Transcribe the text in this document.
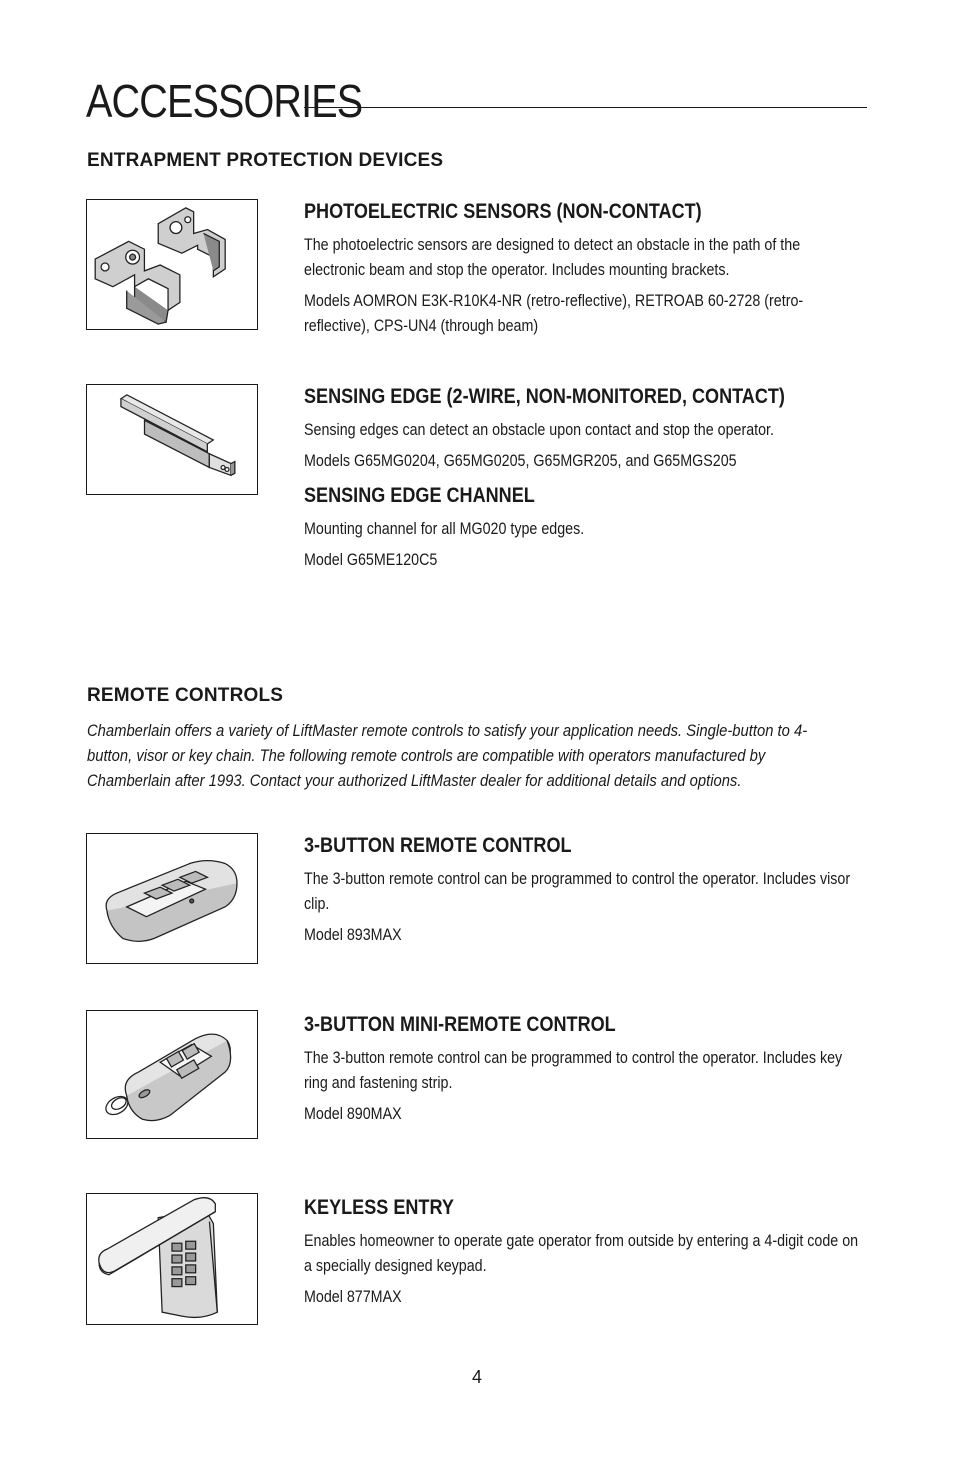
ACCESSORIES
ENTRAPMENT PROTECTION DEVICES
PHOTOELECTRIC SENSORS (NON-CONTACT)

The photoelectric sensors are designed to detect an obstacle in the path of the electronic beam and stop the operator. Includes mounting brackets.

Models AOMRON E3K-R10K4-NR (retro-reflective), RETROAB 60-2728 (retro-reflective), CPS-UN4 (through beam)

SENSING EDGE (2-WIRE, NON-MONITORED, CONTACT)

Sensing edges can detect an obstacle upon contact and stop the operator.

Models G65MG0204, G65MG0205, G65MGR205, and G65MGS205

SENSING EDGE CHANNEL

Mounting channel for all MG020 type edges.

Model G65ME120C5

REMOTE CONTROLS

Chamberlain offers a variety of LiftMaster remote controls to satisfy your application needs. Single-button to 4-button, visor or key chain. The following remote controls are compatible with operators manufactured by Chamberlain after 1993. Contact your authorized LiftMaster dealer for additional details and options.

3-BUTTON REMOTE CONTROL

The 3-button remote control can be programmed to control the operator. Includes visor clip.

Model 893MAX

3-BUTTON MINI-REMOTE CONTROL

The 3-button remote control can be programmed to control the operator. Includes key ring and fastening strip.

Model 890MAX

KEYLESS ENTRY

Enables homeowner to operate gate operator from outside by entering a 4-digit code on a specially designed keypad.

Model 877MAX

4
